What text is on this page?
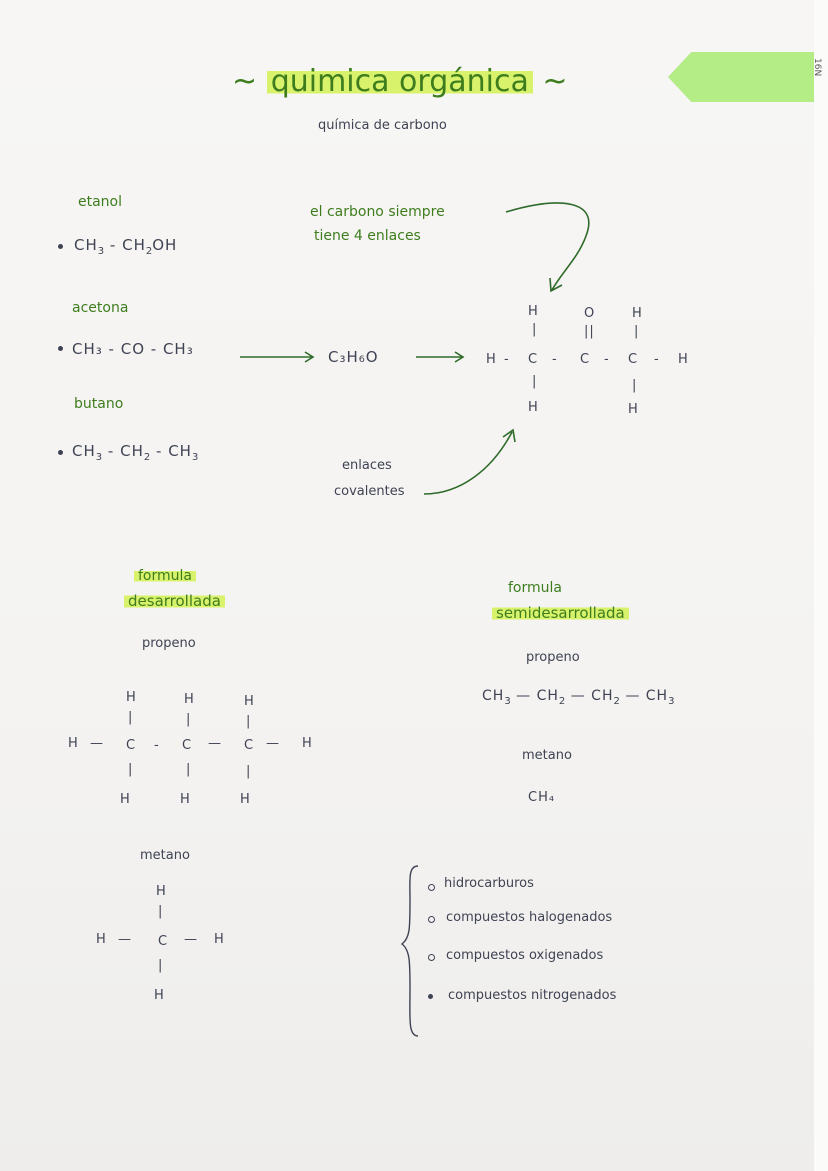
16N
~ quimica orgánica ~
química de carbono
etanol
$CH_3 - CH_2OH$
acetona
CH₃ - CO - CH₃
butano
$CH_3 - CH_2 - CH_3$
C₃H₆O
el carbono siempre
tiene 4 enlaces
enlaces
covalentes
H	O	H
|	||	|
H - C - C - C - H
|	|
H	H
formula
desarrollada
propeno
H	H	H
|	|	|
H — C - C — C — H
|	|	|
H	H	H
metano
H
|
H — C — H
|
H
formula
semidesarrollada
propeno
$CH_3$ — $CH_2$ — $CH_2$ — $CH_3$
metano
CH₄
hidrocarburos
compuestos halogenados
compuestos oxigenados
compuestos nitrogenados
